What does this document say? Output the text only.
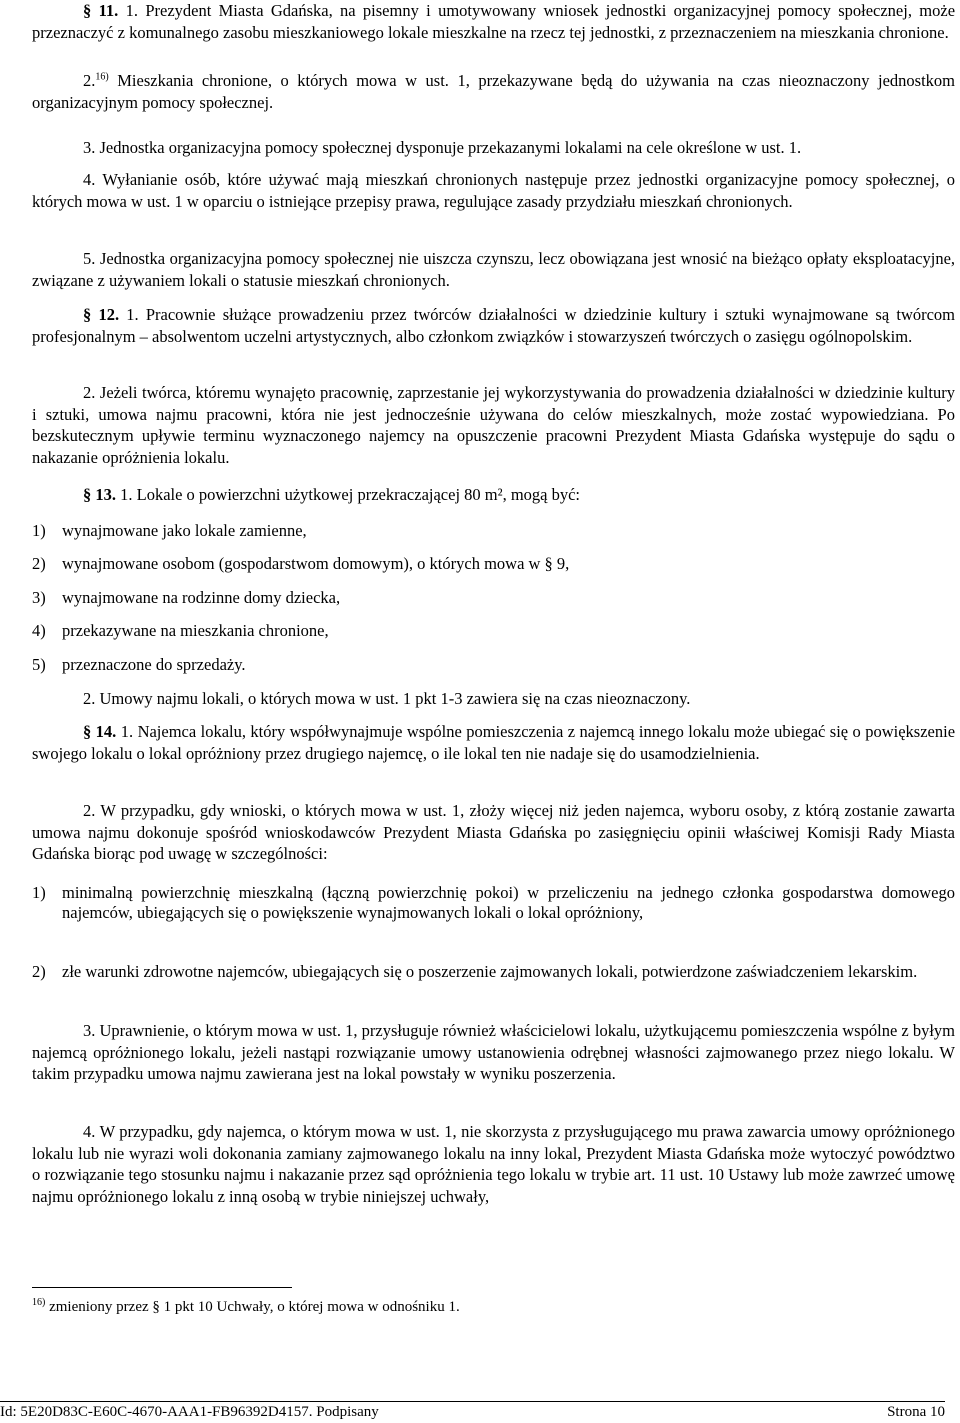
§ 11. 1. Prezydent Miasta Gdańska, na pisemny i umotywowany wniosek jednostki organizacyjnej pomocy społecznej, może przeznaczyć z komunalnego zasobu mieszkaniowego lokale mieszkalne na rzecz tej jednostki, z przeznaczeniem na mieszkania chronione.

2.$^{16)}$ Mieszkania chronione, o których mowa w ust. 1, przekazywane będą do używania na czas nieoznaczony jednostkom organizacyjnym pomocy społecznej.

3. Jednostka organizacyjna pomocy społecznej dysponuje przekazanymi lokalami na cele określone w ust. 1.

4. Wyłanianie osób, które używać mają mieszkań chronionych następuje przez jednostki organizacyjne pomocy społecznej, o których mowa w ust. 1 w oparciu o istniejące przepisy prawa, regulujące zasady przydziału mieszkań chronionych.

5. Jednostka organizacyjna pomocy społecznej nie uiszcza czynszu, lecz obowiązana jest wnosić na bieżąco opłaty eksploatacyjne, związane z używaniem lokali o statusie mieszkań chronionych.

§ 12. 1. Pracownie służące prowadzeniu przez twórców działalności w dziedzinie kultury i sztuki wynajmowane są twórcom profesjonalnym – absolwentom uczelni artystycznych, albo członkom związków i stowarzyszeń twórczych o zasięgu ogólnopolskim.

2. Jeżeli twórca, któremu wynajęto pracownię, zaprzestanie jej wykorzystywania do prowadzenia działalności w dziedzinie kultury i sztuki, umowa najmu pracowni, która nie jest jednocześnie używana do celów mieszkalnych, może zostać wypowiedziana. Po bezskutecznym upływie terminu wyznaczonego najemcy na opuszczenie pracowni Prezydent Miasta Gdańska występuje do sądu o nakazanie opróżnienia lokalu.

§ 13. 1. Lokale o powierzchni użytkowej przekraczającej 80 m², mogą być:

1) wynajmowane jako lokale zamienne,
2) wynajmowane osobom (gospodarstwom domowym), o których mowa w § 9,
3) wynajmowane na rodzinne domy dziecka,
4) przekazywane na mieszkania chronione,
5) przeznaczone do sprzedaży.

2. Umowy najmu lokali, o których mowa w ust. 1 pkt 1-3 zawiera się na czas nieoznaczony.

§ 14. 1. Najemca lokalu, który współwynajmuje wspólne pomieszczenia z najemcą innego lokalu może ubiegać się o powiększenie swojego lokalu o lokal opróżniony przez drugiego najemcę, o ile lokal ten nie nadaje się do usamodzielnienia.

2. W przypadku, gdy wnioski, o których mowa w ust. 1, złoży więcej niż jeden najemca, wyboru osoby, z którą zostanie zawarta umowa najmu dokonuje spośród wnioskodawców Prezydent Miasta Gdańska po zasięgnięciu opinii właściwej Komisji Rady Miasta Gdańska biorąc pod uwagę w szczególności:

1) minimalną powierzchnię mieszkalną (łączną powierzchnię pokoi) w przeliczeniu na jednego członka gospodarstwa domowego najemców, ubiegających się o powiększenie wynajmowanych lokali o lokal opróżniony,
2) złe warunki zdrowotne najemców, ubiegających się o poszerzenie zajmowanych lokali, potwierdzone zaświadczeniem lekarskim.

3. Uprawnienie, o którym mowa w ust. 1, przysługuje również właścicielowi lokalu, użytkującemu pomieszczenia wspólne z byłym najemcą opróżnionego lokalu, jeżeli nastąpi rozwiązanie umowy ustanowienia odrębnej własności zajmowanego przez niego lokalu. W takim przypadku umowa najmu zawierana jest na lokal powstały w wyniku poszerzenia.

4. W przypadku, gdy najemca, o którym mowa w ust. 1, nie skorzysta z przysługującego mu prawa zawarcia umowy opróżnionego lokalu lub nie wyrazi woli dokonania zamiany zajmowanego lokalu na inny lokal, Prezydent Miasta Gdańska może wytoczyć powództwo o rozwiązanie tego stosunku najmu i nakazanie przez sąd opróżnienia tego lokalu w trybie art. 11 ust. 10 Ustawy lub może zawrzeć umowę najmu opróżnionego lokalu z inną osobą w trybie niniejszej uchwały,

$^{16)}$ zmieniony przez § 1 pkt 10 Uchwały, o której mowa w odnośniku 1.
Id: 5E20D83C-E60C-4670-AAA1-FB96392D4157. Podpisany	Strona 10
